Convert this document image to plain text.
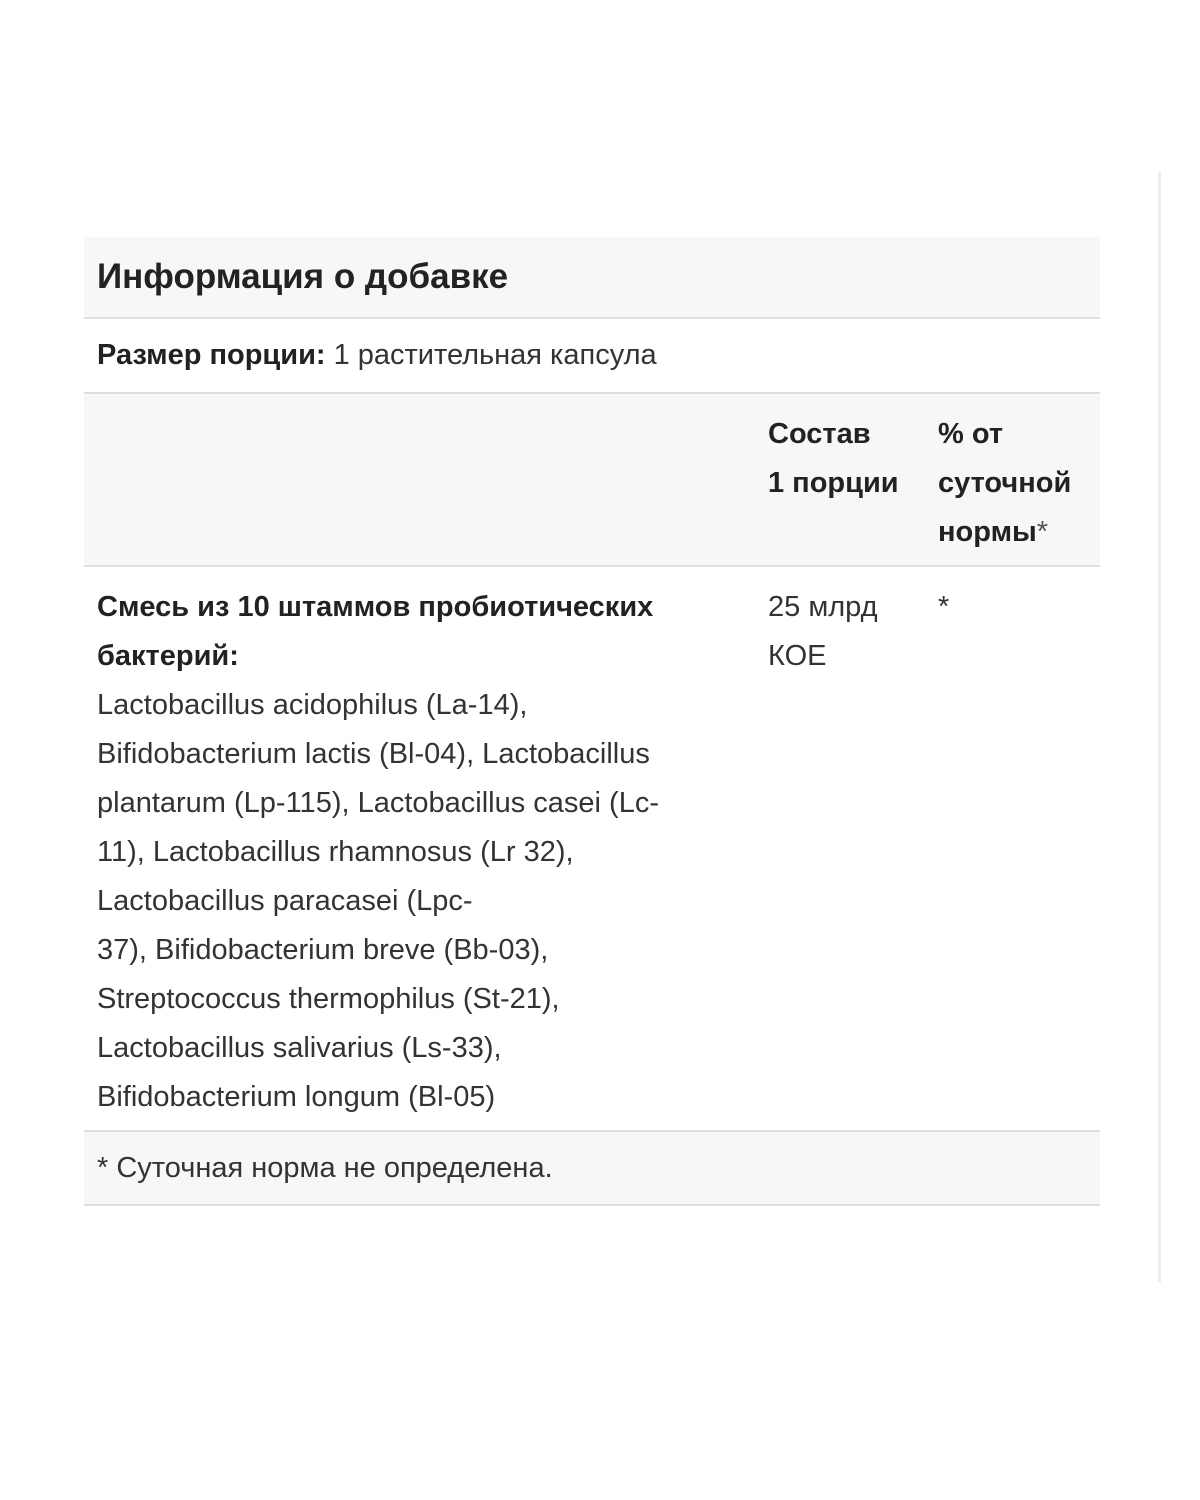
Информация о добавке
Размер порции: 1 растительная капсула
Состав
1 порции
% от
суточной
нормы*
Смесь из 10 штаммов пробиотических
бактерий:
Lactobacillus acidophilus (La-14),
Bifidobacterium lactis (Bl-04), Lactobacillus
plantarum (Lp-115), Lactobacillus casei (Lc-
11), Lactobacillus rhamnosus (Lr 32),
Lactobacillus paracasei (Lpc-
37), Bifidobacterium breve (Bb-03),
Streptococcus thermophilus (St-21),
Lactobacillus salivarius (Ls-33),
Bifidobacterium longum (Bl-05)
25 млрд
КОЕ
*
* Суточная норма не определена.
